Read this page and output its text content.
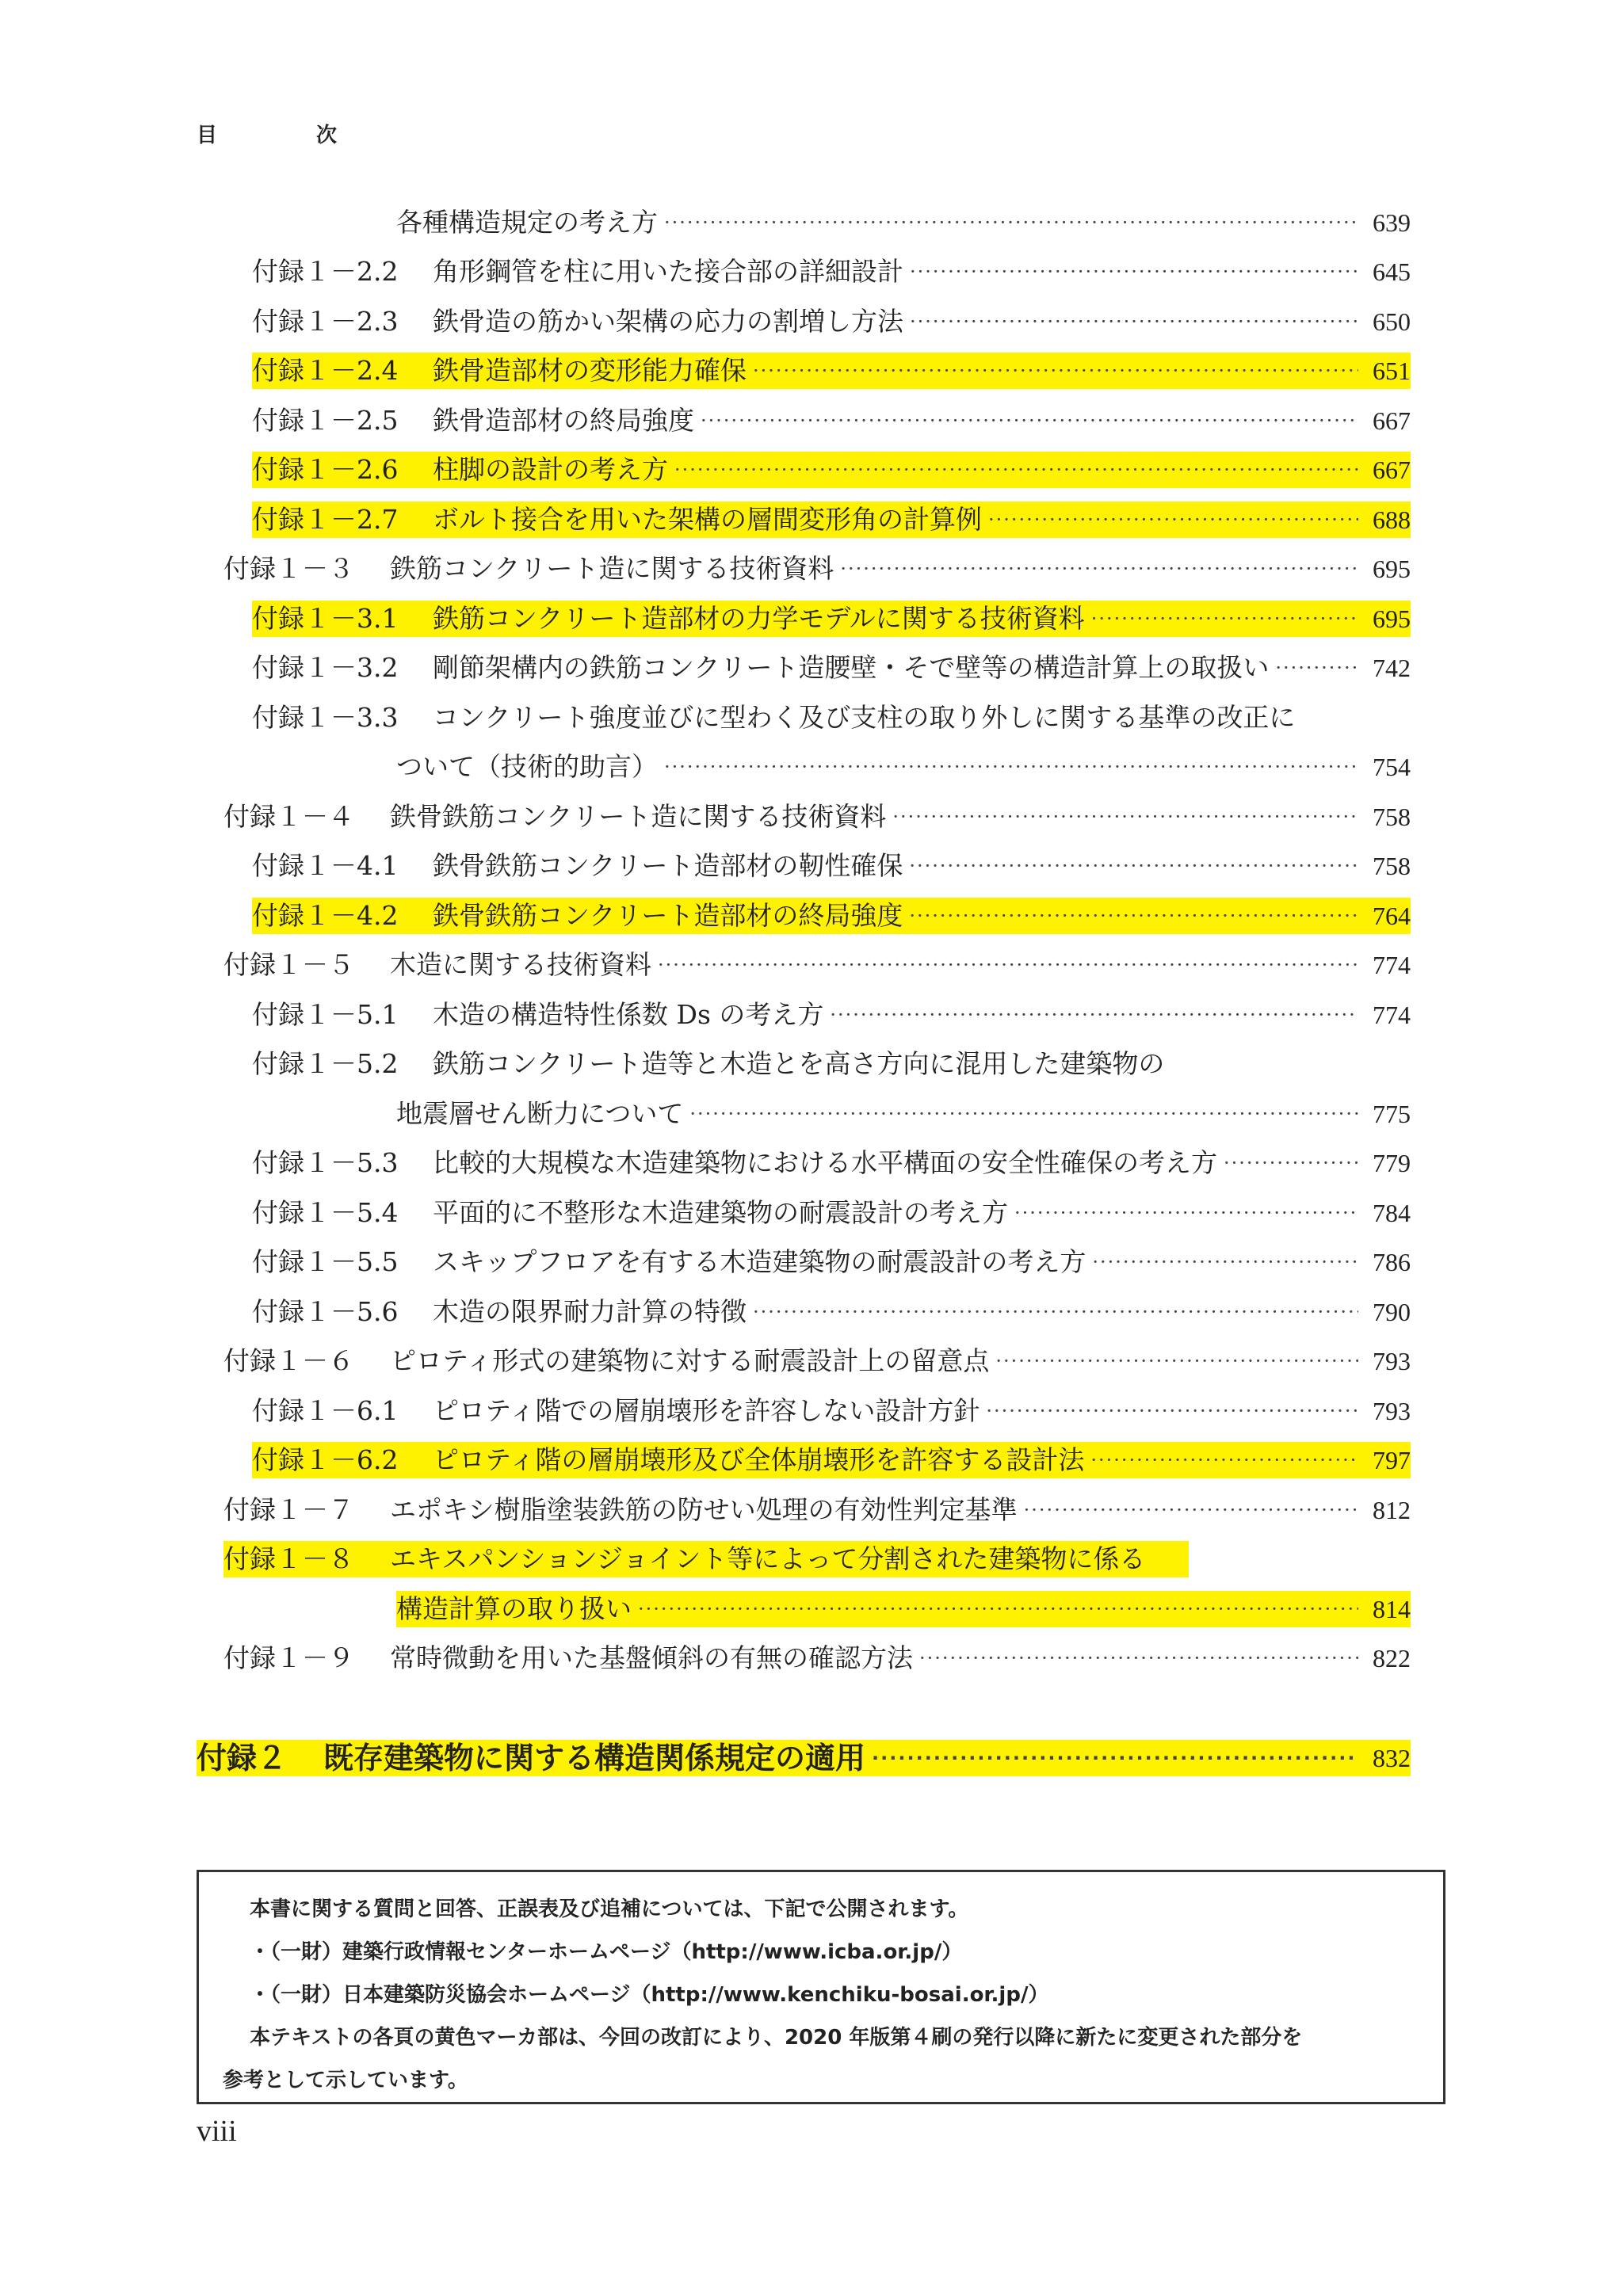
目 次
各種構造規定の考え方 ·····	639
付録１－2.2	角形鋼管を柱に用いた接合部の詳細設計 ·····	645
付録１－2.3	鉄骨造の筋かい架構の応力の割増し方法 ·····	650
付録１－2.4	鉄骨造部材の変形能力確保 ·····	651
付録１－2.5	鉄骨造部材の終局強度 ·····	667
付録１－2.6	柱脚の設計の考え方 ·····	667
付録１－2.7	ボルト接合を用いた架構の層間変形角の計算例 ·····	688
付録１－３	鉄筋コンクリート造に関する技術資料 ·····	695
付録１－3.1	鉄筋コンクリート造部材の力学モデルに関する技術資料 ·····	695
付録１－3.2	剛節架構内の鉄筋コンクリート造腰壁・そで壁等の構造計算上の取扱い ·····	742
付録１－3.3	コンクリート強度並びに型わく及び支柱の取り外しに関する基準の改正に
ついて（技術的助言） ·····	754
付録１－４	鉄骨鉄筋コンクリート造に関する技術資料 ·····	758
付録１－4.1	鉄骨鉄筋コンクリート造部材の靭性確保 ·····	758
付録１－4.2	鉄骨鉄筋コンクリート造部材の終局強度 ·····	764
付録１－５	木造に関する技術資料 ·····	774
付録１－5.1	木造の構造特性係数 Ds の考え方 ·····	774
付録１－5.2	鉄筋コンクリート造等と木造とを高さ方向に混用した建築物の
地震層せん断力について ·····	775
付録１－5.3	比較的大規模な木造建築物における水平構面の安全性確保の考え方 ·····	779
付録１－5.4	平面的に不整形な木造建築物の耐震設計の考え方 ·····	784
付録１－5.5	スキップフロアを有する木造建築物の耐震設計の考え方 ·····	786
付録１－5.6	木造の限界耐力計算の特徴 ·····	790
付録１－６	ピロティ形式の建築物に対する耐震設計上の留意点 ·····	793
付録１－6.1	ピロティ階での層崩壊形を許容しない設計方針 ·····	793
付録１－6.2	ピロティ階の層崩壊形及び全体崩壊形を許容する設計法 ·····	797
付録１－７	エポキシ樹脂塗装鉄筋の防せい処理の有効性判定基準 ·····	812
付録１－８	エキスパンションジョイント等によって分割された建築物に係る
構造計算の取り扱い ·····	814
付録１－９	常時微動を用いた基盤傾斜の有無の確認方法 ·····	822
付録２	既存建築物に関する構造関係規定の適用 ·····	832
本書に関する質問と回答、正誤表及び追補については、下記で公開されます。
・（一財）建築行政情報センターホームページ（http://www.icba.or.jp/）
・（一財）日本建築防災協会ホームページ（http://www.kenchiku-bosai.or.jp/）
本テキストの各頁の黄色マーカ部は、今回の改訂により、2020 年版第４刷の発行以降に新たに変更された部分を
参考として示しています。
viii
